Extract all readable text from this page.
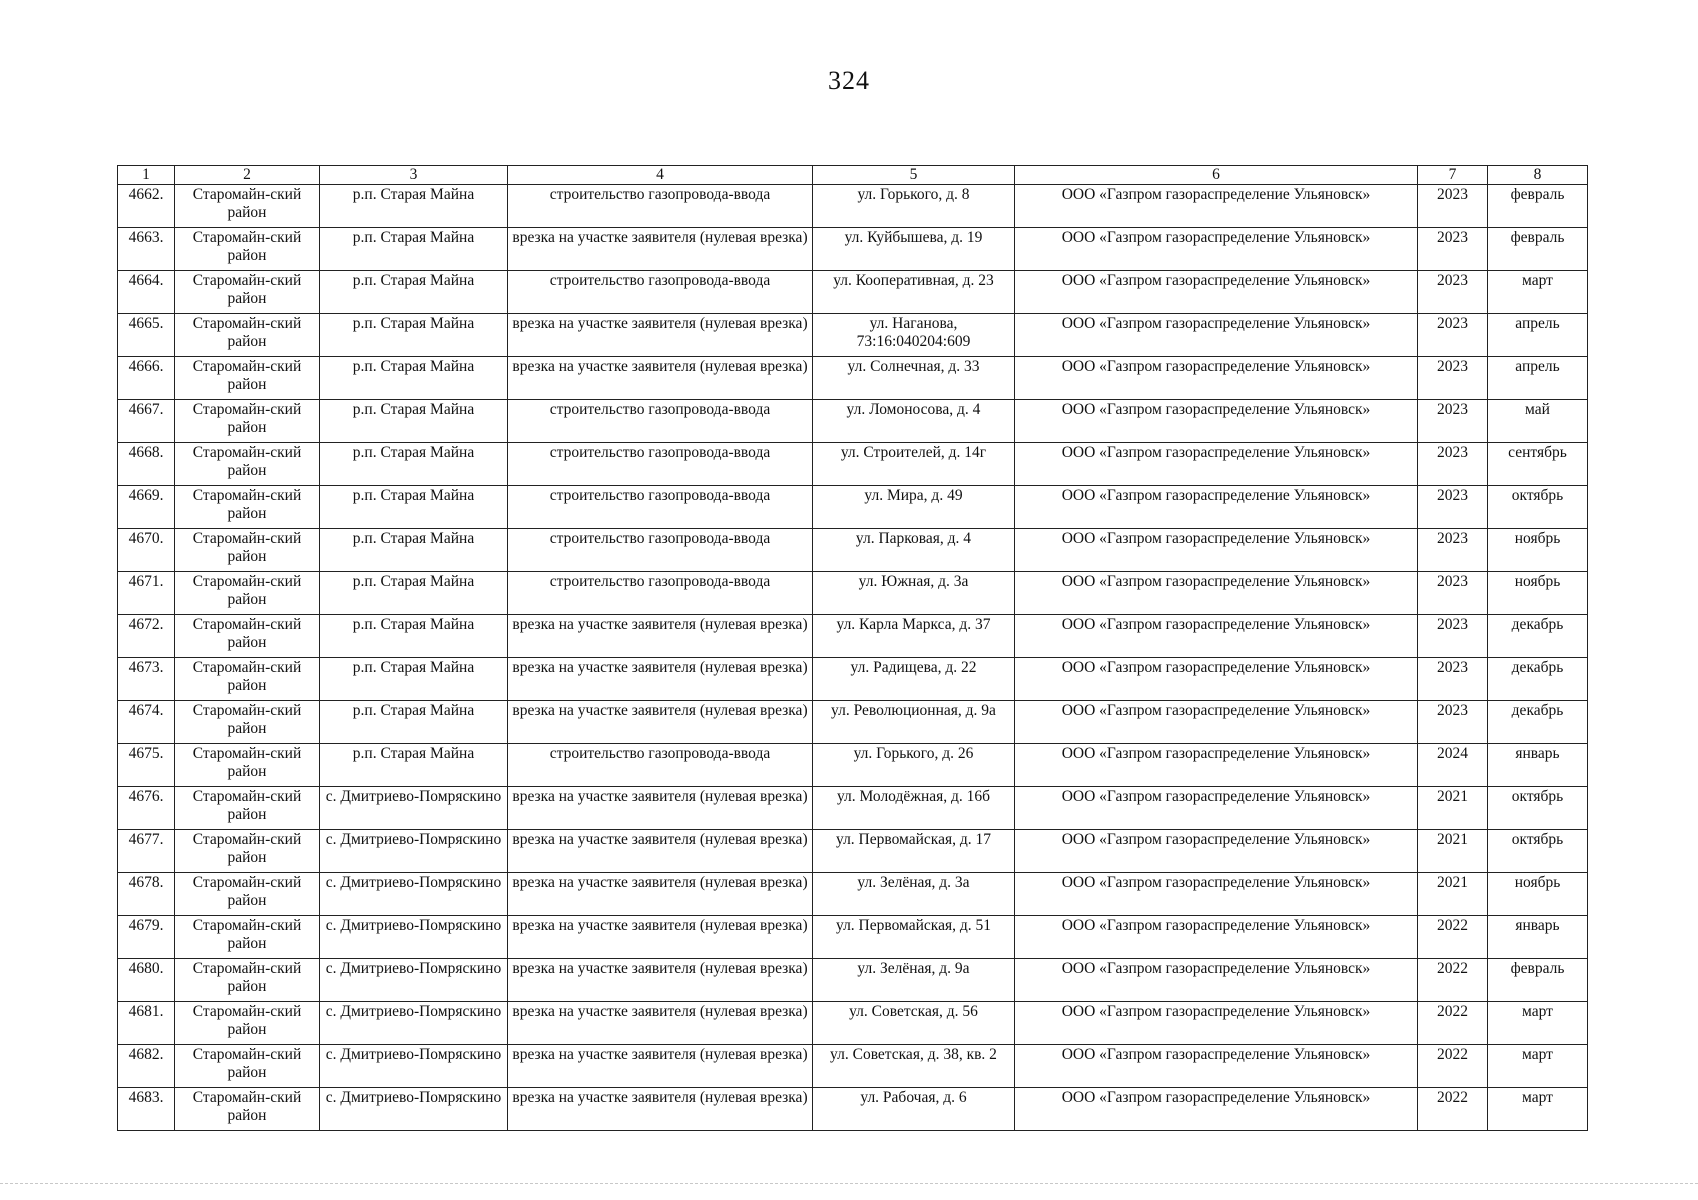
324
1	2	3	4	5	6	7	8
4662.	Старомайн-ский район	р.п. Старая Майна	строительство газопровода-ввода	ул. Горького, д. 8	ООО «Газпром газораспределение Ульяновск»	2023	февраль
4663.	Старомайн-ский район	р.п. Старая Майна	врезка на участке заявителя (нулевая врезка)	ул. Куйбышева, д. 19	ООО «Газпром газораспределение Ульяновск»	2023	февраль
4664.	Старомайн-ский район	р.п. Старая Майна	строительство газопровода-ввода	ул. Кооперативная, д. 23	ООО «Газпром газораспределение Ульяновск»	2023	март
4665.	Старомайн-ский район	р.п. Старая Майна	врезка на участке заявителя (нулевая врезка)	ул. Наганова, 73:16:040204:609	ООО «Газпром газораспределение Ульяновск»	2023	апрель
4666.	Старомайн-ский район	р.п. Старая Майна	врезка на участке заявителя (нулевая врезка)	ул. Солнечная, д. 33	ООО «Газпром газораспределение Ульяновск»	2023	апрель
4667.	Старомайн-ский район	р.п. Старая Майна	строительство газопровода-ввода	ул. Ломоносова, д. 4	ООО «Газпром газораспределение Ульяновск»	2023	май
4668.	Старомайн-ский район	р.п. Старая Майна	строительство газопровода-ввода	ул. Строителей, д. 14г	ООО «Газпром газораспределение Ульяновск»	2023	сентябрь
4669.	Старомайн-ский район	р.п. Старая Майна	строительство газопровода-ввода	ул. Мира, д. 49	ООО «Газпром газораспределение Ульяновск»	2023	октябрь
4670.	Старомайн-ский район	р.п. Старая Майна	строительство газопровода-ввода	ул. Парковая, д. 4	ООО «Газпром газораспределение Ульяновск»	2023	ноябрь
4671.	Старомайн-ский район	р.п. Старая Майна	строительство газопровода-ввода	ул. Южная, д. 3а	ООО «Газпром газораспределение Ульяновск»	2023	ноябрь
4672.	Старомайн-ский район	р.п. Старая Майна	врезка на участке заявителя (нулевая врезка)	ул. Карла Маркса, д. 37	ООО «Газпром газораспределение Ульяновск»	2023	декабрь
4673.	Старомайн-ский район	р.п. Старая Майна	врезка на участке заявителя (нулевая врезка)	ул. Радищева, д. 22	ООО «Газпром газораспределение Ульяновск»	2023	декабрь
4674.	Старомайн-ский район	р.п. Старая Майна	врезка на участке заявителя (нулевая врезка)	ул. Революционная, д. 9а	ООО «Газпром газораспределение Ульяновск»	2023	декабрь
4675.	Старомайн-ский район	р.п. Старая Майна	строительство газопровода-ввода	ул. Горького, д. 26	ООО «Газпром газораспределение Ульяновск»	2024	январь
4676.	Старомайн-ский район	с. Дмитриево-Помряскино	врезка на участке заявителя (нулевая врезка)	ул. Молодёжная, д. 16б	ООО «Газпром газораспределение Ульяновск»	2021	октябрь
4677.	Старомайн-ский район	с. Дмитриево-Помряскино	врезка на участке заявителя (нулевая врезка)	ул. Первомайская, д. 17	ООО «Газпром газораспределение Ульяновск»	2021	октябрь
4678.	Старомайн-ский район	с. Дмитриево-Помряскино	врезка на участке заявителя (нулевая врезка)	ул. Зелёная, д. 3а	ООО «Газпром газораспределение Ульяновск»	2021	ноябрь
4679.	Старомайн-ский район	с. Дмитриево-Помряскино	врезка на участке заявителя (нулевая врезка)	ул. Первомайская, д. 51	ООО «Газпром газораспределение Ульяновск»	2022	январь
4680.	Старомайн-ский район	с. Дмитриево-Помряскино	врезка на участке заявителя (нулевая врезка)	ул. Зелёная, д. 9а	ООО «Газпром газораспределение Ульяновск»	2022	февраль
4681.	Старомайн-ский район	с. Дмитриево-Помряскино	врезка на участке заявителя (нулевая врезка)	ул. Советская, д. 56	ООО «Газпром газораспределение Ульяновск»	2022	март
4682.	Старомайн-ский район	с. Дмитриево-Помряскино	врезка на участке заявителя (нулевая врезка)	ул. Советская, д. 38, кв. 2	ООО «Газпром газораспределение Ульяновск»	2022	март
4683.	Старомайн-ский район	с. Дмитриево-Помряскино	врезка на участке заявителя (нулевая врезка)	ул. Рабочая, д. 6	ООО «Газпром газораспределение Ульяновск»	2022	март
